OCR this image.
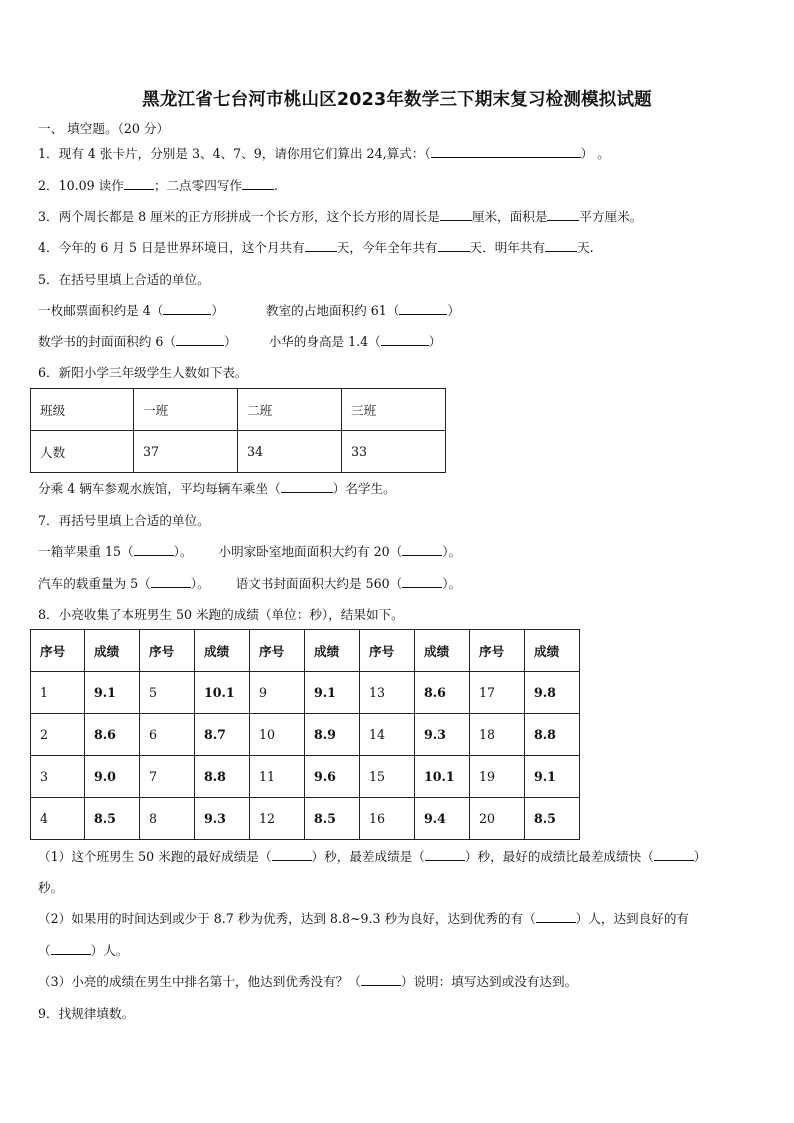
黑龙江省七台河市桃山区2023年数学三下期末复习检测模拟试题
一、 填空题。（20 分）
1．现有 4 张卡片，分别是 3、4、7、9，请你用它们算出 24,算式：（	） 。
2．10.09 读作 ；二点零四写作	.
3．两个周长都是 8 厘米的正方形拼成一个长方形，这个长方形的周长是	厘米，面积是	平方厘米。
4．今年的 6 月 5 日是世界环境日，这个月共有	天，今年全年共有	天．明年共有	天.
5．在括号里填上合适的单位。
一枚邮票面积约是 4（	）	教室的占地面积约 61（	）
数学书的封面面积约 6（	）	小华的身高是 1.4（	）
6．新阳小学三年级学生人数如下表。
班级	一班	二班	三班
人数	37	34	33
分乘 4 辆车参观水族馆，平均每辆车乘坐（	）名学生。
7．再括号里填上合适的单位。
一箱苹果重 15（	）。 小明家卧室地面面积大约有 20（	）。
汽车的载重量为 5（	）。 语文书封面面积大约是 560（	）。
8．小亮收集了本班男生 50 米跑的成绩（单位：秒），结果如下。
序号	成绩	序号	成绩	序号	成绩	序号	成绩	序号	成绩
1	9.1	5	10.1	9	9.1	13	8.6	17	9.8
2	8.6	6	8.7	10	8.9	14	9.3	18	8.8
3	9.0	7	8.8	11	9.6	15	10.1	19	9.1
4	8.5	8	9.3	12	8.5	16	9.4	20	8.5
（1）这个班男生 50 米跑的最好成绩是（	）秒，最差成绩是（	）秒，最好的成绩比最差成绩快（	）
秒。
（2）如果用的时间达到或少于 8.7 秒为优秀，达到 8.8~9.3 秒为良好，达到优秀的有（	）人，达到良好的有
（	）人。
（3）小亮的成绩在男生中排名第十，他达到优秀没有？（	）说明：填写达到或没有达到。
9．找规律填数。
